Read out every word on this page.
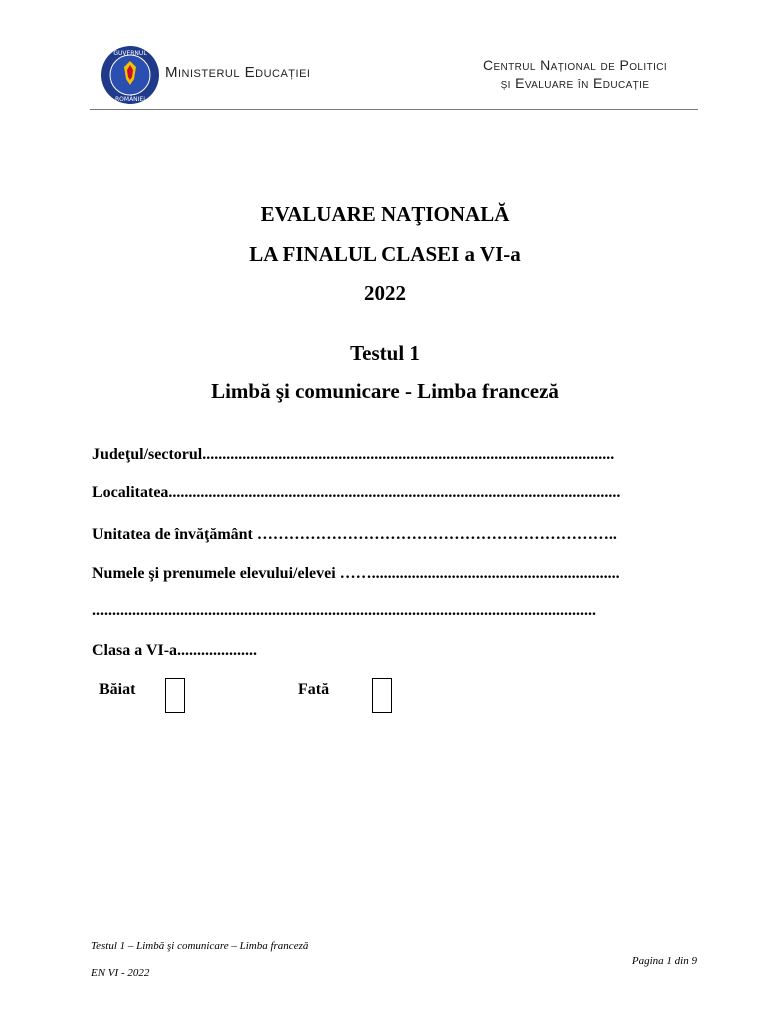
GUVERNUL
ROMÂNIEI
Ministerul Educației	Centrul Național de Politici
și Evaluare în Educație
EVALUARE NAŢIONALĂ
LA FINALUL CLASEI a VI-a
2022
Testul 1
Limbă şi comunicare - Limba franceză
Judeţul/sectorul.......................................................................................................
Localitatea.................................................................................................................
Unitatea de învăţământ …………………………………………………………..
Numele şi prenumele elevului/elevei ……..............................................................
..............................................................................................................................
Clasa a VI-a....................
Băiat	Fată
Testul 1 – Limbă şi comunicare – Limba franceză
EN VI - 2022
Pagina 1 din 9
